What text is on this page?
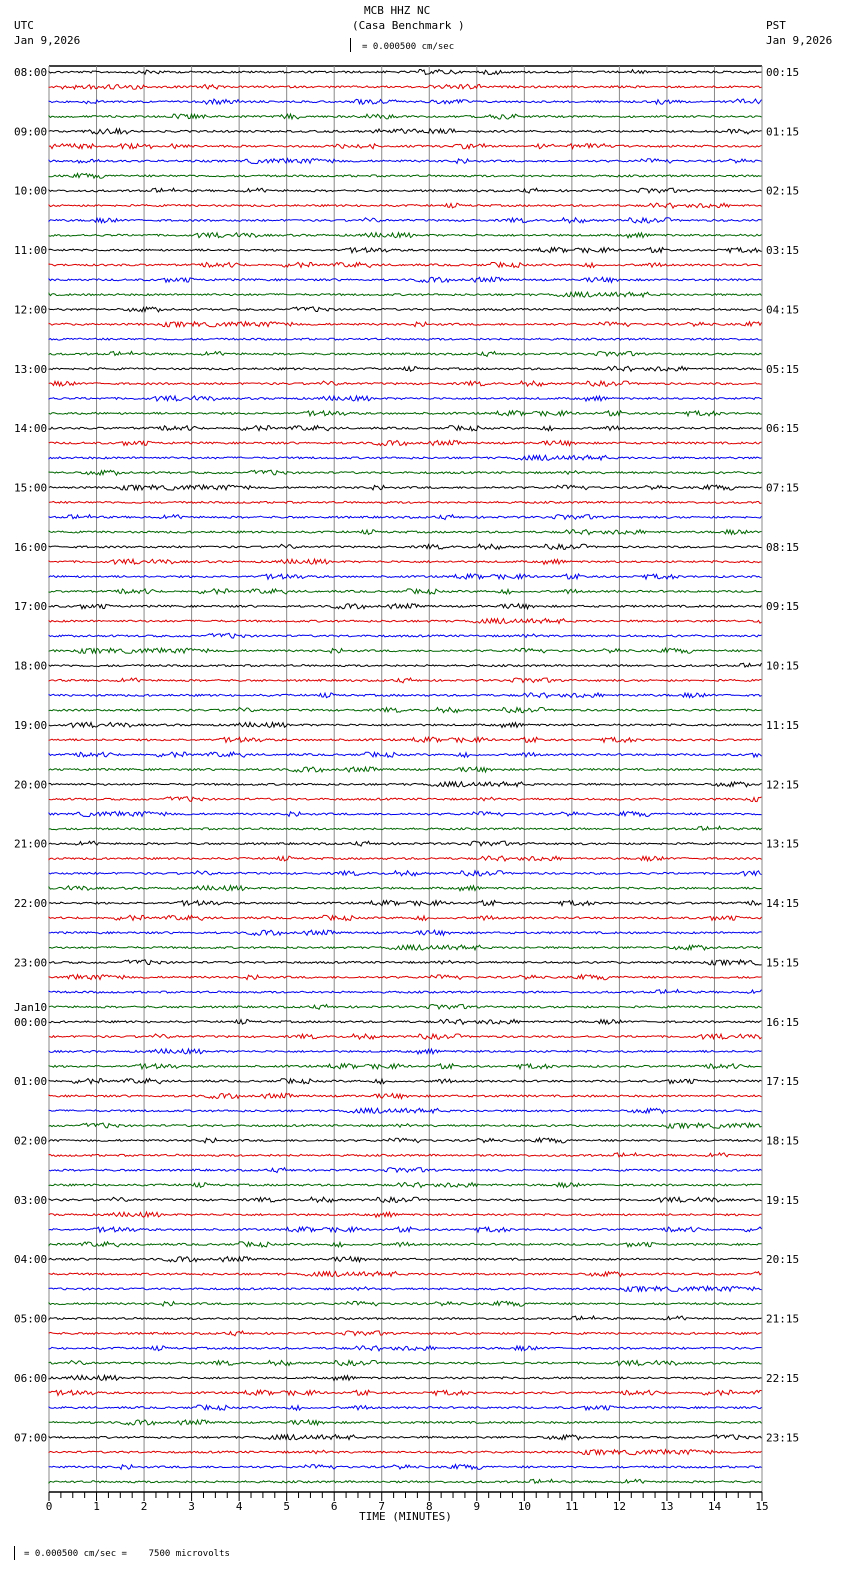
MCB HHZ NC
(Casa Benchmark )
UTC
Jan 9,2026
PST
Jan 9,2026
= 0.000500 cm/sec
= 0.000500 cm/sec =    7500 microvolts
08:00	00:15
09:00	01:15
10:00	02:15
11:00	03:15
12:00	04:15
13:00	05:15
14:00	06:15
15:00	07:15
16:00	08:15
17:00	09:15
18:00	10:15
19:00	11:15
20:00	12:15
21:00	13:15
22:00	14:15
23:00	15:15
00:00	16:15
Jan10
01:00	17:15
02:00	18:15
03:00	19:15
04:00	20:15
05:00	21:15
06:00	22:15
07:00	23:15
0	1	2	3	4	5	6	7	8	9	10	11	12	13	14	15
TIME (MINUTES)
